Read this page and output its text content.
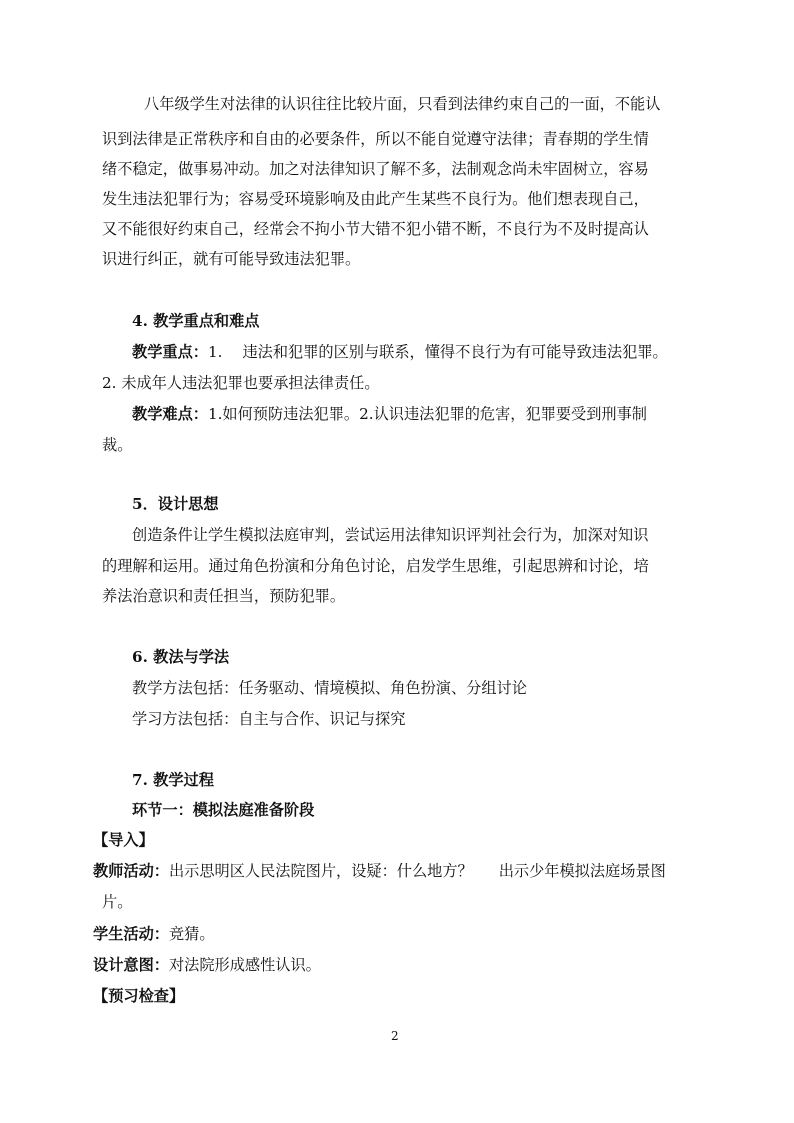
八年级学生对法律的认识往往比较片面，只看到法律约束自己的一面，不能认
识到法律是正常秩序和自由的必要条件，所以不能自觉遵守法律；青春期的学生情
绪不稳定，做事易冲动。加之对法律知识了解不多，法制观念尚未牢固树立，容易
发生违法犯罪行为；容易受环境影响及由此产生某些不良行为。他们想表现自己，
又不能很好约束自己，经常会不拘小节大错不犯小错不断，不良行为不及时提高认
识进行纠正，就有可能导致违法犯罪。
4. 教学重点和难点
教学重点：1. 违法和犯罪的区别与联系，懂得不良行为有可能导致违法犯罪。
2. 未成年人违法犯罪也要承担法律责任。
教学难点：1.如何预防违法犯罪。2.认识违法犯罪的危害，犯罪要受到刑事制
裁。
5．设计思想
创造条件让学生模拟法庭审判，尝试运用法律知识评判社会行为，加深对知识
的理解和运用。通过角色扮演和分角色讨论，启发学生思维，引起思辨和讨论，培
养法治意识和责任担当，预防犯罪。
6. 教法与学法
教学方法包括：任务驱动、情境模拟、角色扮演、分组讨论
学习方法包括：自主与合作、识记与探究
7. 教学过程
环节一：模拟法庭准备阶段
【导入】
教师活动：出示思明区人民法院图片，设疑：什么地方？ 出示少年模拟法庭场景图
片。
学生活动：竞猜。
设计意图：对法院形成感性认识。
【预习检查】
2
